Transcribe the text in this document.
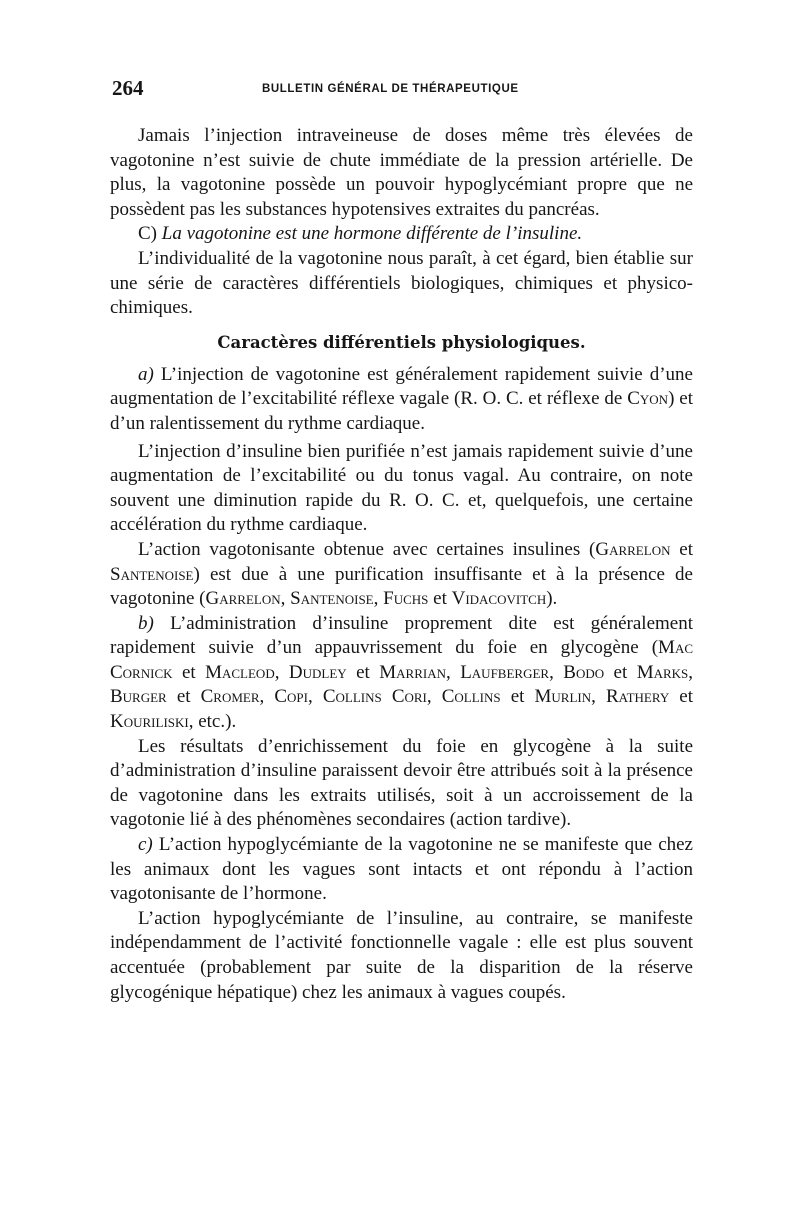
264	BULLETIN GÉNÉRAL DE THÉRAPEUTIQUE

Jamais l’injection intraveineuse de doses même très élevées de vagotonine n’est suivie de chute immédiate de la pression artérielle. De plus, la vagotonine possède un pouvoir hypoglycémiant propre que ne possèdent pas les substances hypotensives extraites du pancréas.

C) La vagotonine est une hormone différente de l’insuline.

L’individualité de la vagotonine nous paraît, à cet égard, bien établie sur une série de caractères différentiels biologiques, chimiques et physico-chimiques.

Caractères différentiels physiologiques.

a) L’injection de vagotonine est généralement rapidement suivie d’une augmentation de l’excitabilité réflexe vagale (R. O. C. et réflexe de Cyon) et d’un ralentissement du rythme cardiaque.

L’injection d’insuline bien purifiée n’est jamais rapidement suivie d’une augmentation de l’excitabilité ou du tonus vagal. Au contraire, on note souvent une diminution rapide du R. O. C. et, quelquefois, une certaine accélération du rythme cardiaque.

L’action vagotonisante obtenue avec certaines insulines (Garrelon et Santenoise) est due à une purification insuffisante et à la présence de vagotonine (Garrelon, Santenoise, Fuchs et Vidacovitch).

b) L’administration d’insuline proprement dite est généralement rapidement suivie d’un appauvrissement du foie en glycogène (Mac Cornick et Macleod, Dudley et Marrian, Laufberger, Bodo et Marks, Burger et Cromer, Copi, Collins Cori, Collins et Murlin, Rathery et Kouriliski, etc.).

Les résultats d’enrichissement du foie en glycogène à la suite d’administration d’insuline paraissent devoir être attribués soit à la présence de vagotonine dans les extraits utilisés, soit à un accroissement de la vagotonie lié à des phénomènes secondaires (action tardive).

c) L’action hypoglycémiante de la vagotonine ne se manifeste que chez les animaux dont les vagues sont intacts et ont répondu à l’action vagotonisante de l’hormone.

L’action hypoglycémiante de l’insuline, au contraire, se manifeste indépendamment de l’activité fonctionnelle vagale : elle est plus souvent accentuée (probablement par suite de la disparition de la réserve glycogénique hépatique) chez les animaux à vagues coupés.
